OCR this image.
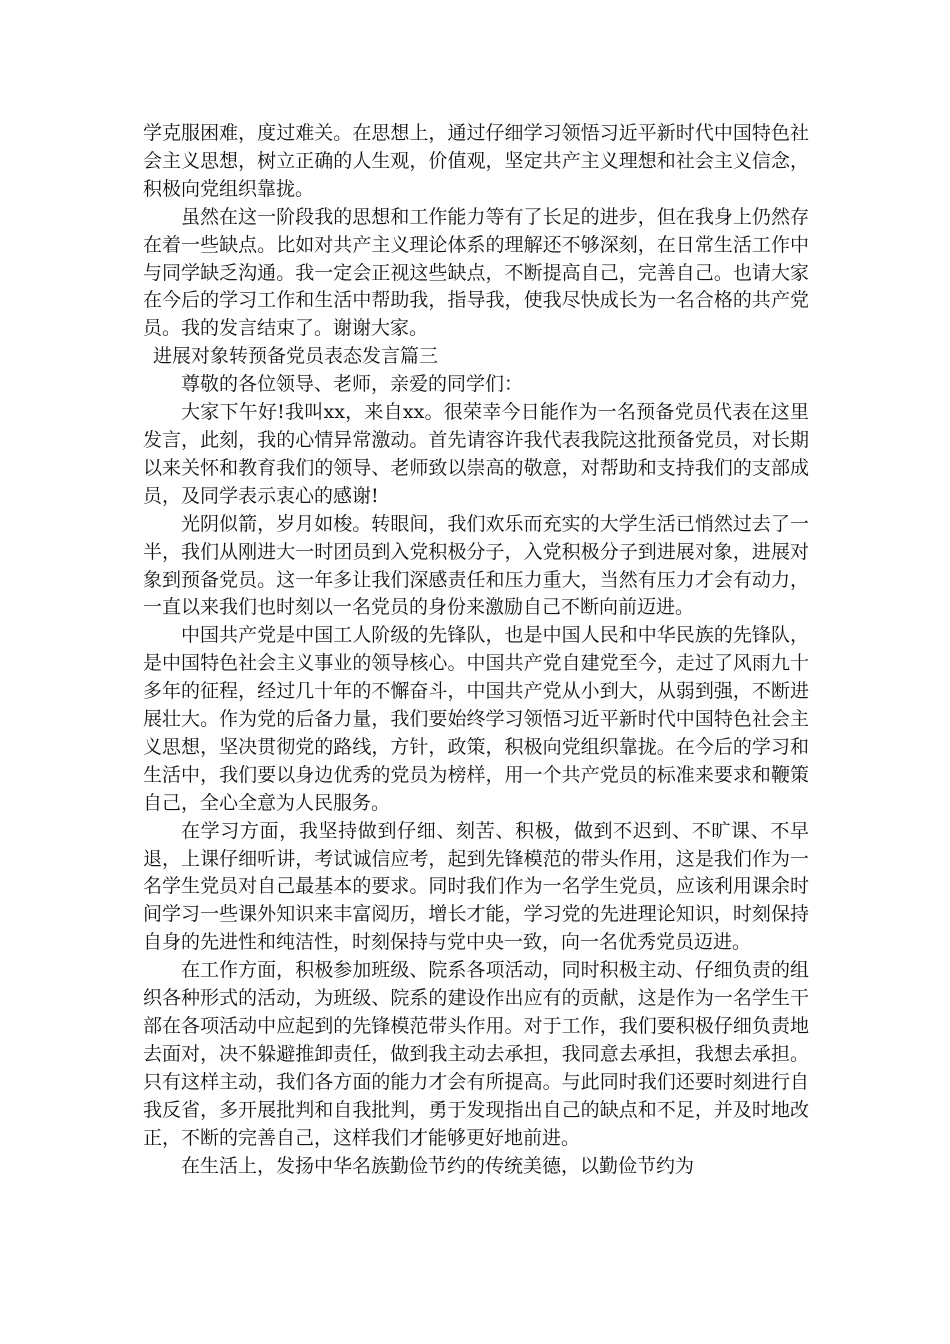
学克服困难，度过难关。在思想上，通过仔细学习领悟习近平新时代中国特色社会主义思想，树立正确的人生观，价值观，坚定共产主义理想和社会主义信念，积极向党组织靠拢。

虽然在这一阶段我的思想和工作能力等有了长足的进步，但在我身上仍然存在着一些缺点。比如对共产主义理论体系的理解还不够深刻，在日常生活工作中与同学缺乏沟通。我一定会正视这些缺点，不断提高自己，完善自己。也请大家在今后的学习工作和生活中帮助我，指导我，使我尽快成长为一名合格的共产党员。我的发言结束了。谢谢大家。

进展对象转预备党员表态发言篇三

尊敬的各位领导、老师，亲爱的同学们：

大家下午好!我叫xx，来自xx。很荣幸今日能作为一名预备党员代表在这里发言，此刻，我的心情异常激动。首先请容许我代表我院这批预备党员，对长期以来关怀和教育我们的领导、老师致以崇高的敬意，对帮助和支持我们的支部成员，及同学表示衷心的感谢!

光阴似箭，岁月如梭。转眼间，我们欢乐而充实的大学生活已悄然过去了一半，我们从刚进大一时团员到入党积极分子，入党积极分子到进展对象，进展对象到预备党员。这一年多让我们深感责任和压力重大，当然有压力才会有动力，一直以来我们也时刻以一名党员的身份来激励自己不断向前迈进。

中国共产党是中国工人阶级的先锋队，也是中国人民和中华民族的先锋队，是中国特色社会主义事业的领导核心。中国共产党自建党至今，走过了风雨九十多年的征程，经过几十年的不懈奋斗，中国共产党从小到大，从弱到强，不断进展壮大。作为党的后备力量，我们要始终学习领悟习近平新时代中国特色社会主义思想，坚决贯彻党的路线，方针，政策，积极向党组织靠拢。在今后的学习和生活中，我们要以身边优秀的党员为榜样，用一个共产党员的标准来要求和鞭策自己，全心全意为人民服务。

在学习方面，我坚持做到仔细、刻苦、积极，做到不迟到、不旷课、不早退，上课仔细听讲，考试诚信应考，起到先锋模范的带头作用，这是我们作为一名学生党员对自己最基本的要求。同时我们作为一名学生党员，应该利用课余时间学习一些课外知识来丰富阅历，增长才能，学习党的先进理论知识，时刻保持自身的先进性和纯洁性，时刻保持与党中央一致，向一名优秀党员迈进。

在工作方面，积极参加班级、院系各项活动，同时积极主动、仔细负责的组织各种形式的活动，为班级、院系的建设作出应有的贡献，这是作为一名学生干部在各项活动中应起到的先锋模范带头作用。对于工作，我们要积极仔细负责地去面对，决不躲避推卸责任，做到我主动去承担，我同意去承担，我想去承担。只有这样主动，我们各方面的能力才会有所提高。与此同时我们还要时刻进行自我反省，多开展批判和自我批判，勇于发现指出自己的缺点和不足，并及时地改正，不断的完善自己，这样我们才能够更好地前进。

在生活上，发扬中华名族勤俭节约的传统美德，以勤俭节约为
